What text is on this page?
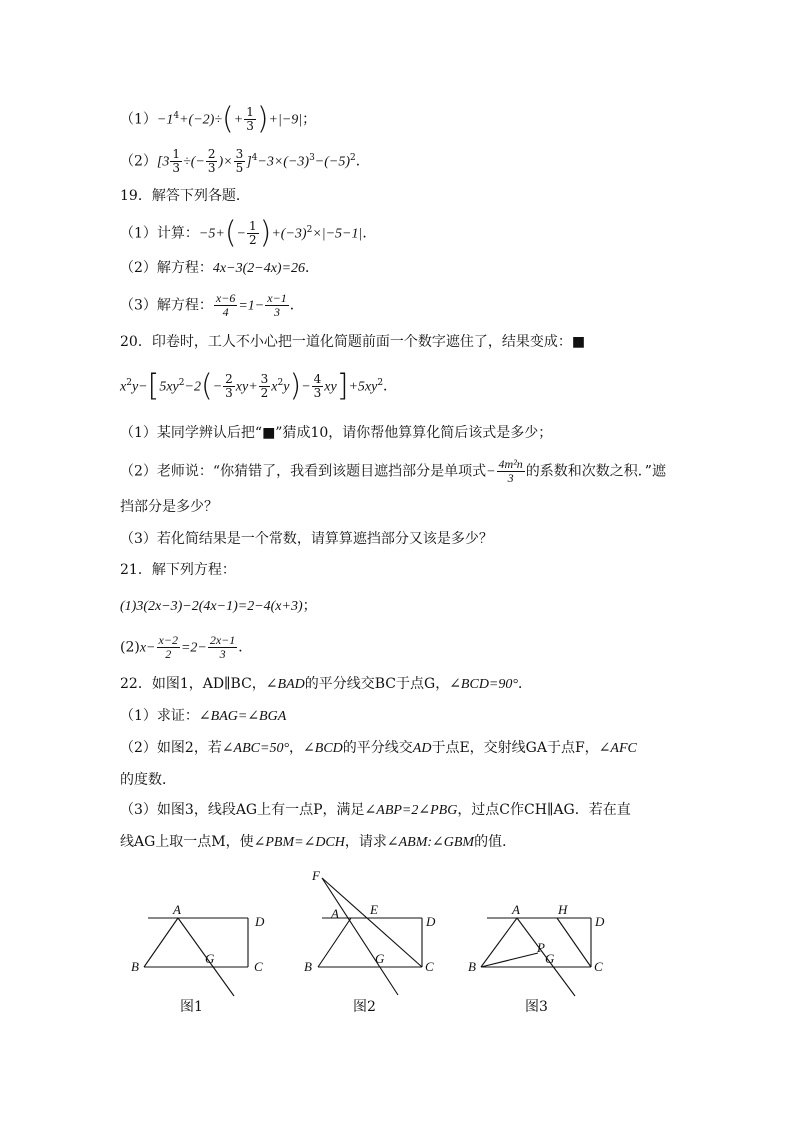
$(1)-1^4+(-2)\div(+ \frac{1}{3} )+|-9|$；
$(2)[3 \frac{1}{3}$ ÷(− $\frac{2}{3}$ )× $\frac{3}{5} ]^4-3\times(-3)^3-(-5)^2$．
19．解答下列各题．
（1）计算：$-5+(- \frac{1}{2} )+(-3)^2\times|-5-1|$．
（2）解方程：4x−3(2−4x)=26．
（3）解方程： $\frac{x-6}{4} =1- \frac{x-1}{3}$ ．
20．印卷时，工人不小心把一道化简题前面一个数字遮住了，结果变成：■
$x^2y-[5xy^2-2(- \frac{2}{3} xy+ \frac{3}{2} x^2y)- \frac{4}{3} xy]+5xy^2$．
（1）某同学辨认后把“■”猜成10，请你帮他算算化简后该式是多少；
（2）老师说：“你猜错了，我看到该题目遮挡部分是单项式− $\frac{\text{4m²n}}{3}$ 的系数和次数之积．”遮
挡部分是多少？
（3）若化简结果是一个常数，请算算遮挡部分又该是多少？
21．解下列方程：
(1)3(2x−3)−2(4x−1)=2−4(x+3)；
$(2)x- \frac{x-2}{2} =2- \frac{2x-1}{3}$ ．
22．如图1，AD∥BC，∠BAD的平分线交BC于点G，∠BCD=90°．
（1）求证：∠BAG=∠BGA
（2）如图2，若∠ABC=50°，∠BCD的平分线交AD于点E，交射线GA于点F，∠AFC
的度数．
（3）如图3，线段AG上有一点P，满足∠ABP=2∠PBG，过点C作CH∥AG．若在直
线AG上取一点M，使∠PBM=∠DCH，请求∠ABM:∠GBM的值．
A
D
B
G
C
F
A E
D
B
G
C
A	H
D
P
B
G
C
图1	图2	图3
